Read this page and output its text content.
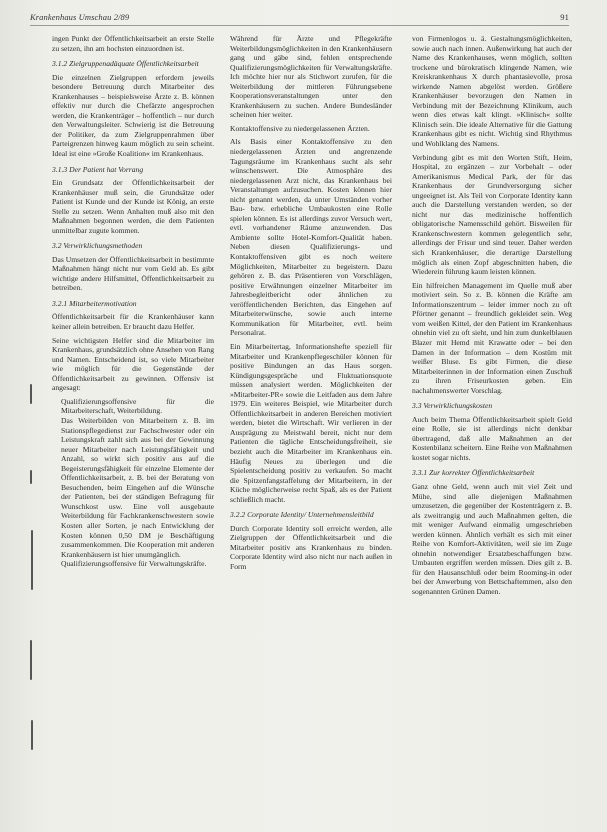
Krankenhaus Umschau 2/89	91

ingen Punkt der Öffentlichkeitsarbeit an erste Stelle zu setzen, ihn am hochsten einzuordnen ist.

3.1.2 Zielgruppenadäquate Öffentlichkeitsarbeit

Die einzelnen Zielgruppen erfordern jeweils besondere Betreuung durch Mitarbeiter des Krankenhauses – beispielsweise Ärzte z. B. können effektiv nur durch die Chefärzte angesprochen werden, die Krankenträger – hoffentlich – nur durch den Verwaltungsleiter. Schwierig ist die Betreuung der Politiker, da zum Zielgruppenrahmen über Parteigrenzen hinweg kaum möglich zu sein scheint. Ideal ist eine »Große Koalition« im Krankenhaus.

3.1.3 Der Patient hat Vorrang

Ein Grundsatz der Öffentlichkeitsarbeit der Krankenhäuser muß sein, die Grundsätze oder Patient ist Kunde und der Kunde ist König, an erste Stelle zu setzen. Wenn Anhalten muß also mit den Maßnahmen begonnen werden, die dem Patienten unmittelbar zugute kommen.

3.2 Verwirklichungsmethoden

Das Umsetzen der Öffentlichkeitsarbeit in bestimmte Maßnahmen hängt nicht nur vom Geld ab. Es gibt wichtige andere Hilfsmittel, Öffentlichkeitsarbeit zu betreiben.

3.2.1 Mitarbeitermotivation

Öffentlichkeitsarbeit für die Krankenhäuser kann keiner allein betreiben. Er braucht dazu Helfer.

Seine wichtigsten Helfer sind die Mitarbeiter im Krankenhaus, grundsätzlich ohne Ansehen von Rang und Namen. Entscheidend ist, so viele Mitarbeiter wie möglich für die Gegenstände der Öffentlichkeitsarbeit zu gewinnen. Offensiv ist angesagt:

• Qualifizierungsoffensive für die Mitarbeiterschaft, Weiterbildung.
• Das Weiterbilden von Mitarbeitern z. B. im Stationspflegedienst zur Fachschwester oder ein Leistungskraft zahlt sich aus bei der Gewinnung neuer Mitarbeiter nach Leistungsfähigkeit und Anzahl, so wirkt sich positiv aus auf die Begeisterungsfähigkeit für einzelne Elemente der Öffentlichkeitsarbeit, z. B. bei der Beratung von Besuchenden, beim Eingehen auf die Wünsche der Patienten, bei der ständigen Befragung für Wunschkost usw. Eine voll ausgebaute Weiterbildung für Fachkrankenschwestern sowie Kosten aller Sorten, je nach Entwicklung der Kosten können 0,50 DM je Beschäftigung zusammenkommen. Die Kooperation mit anderen Krankenhäusern ist hier unumgänglich.
• Qualifizierungsoffensive für Verwaltungskräfte.

Während für Ärzte und Pflegekräfte Weiterbildungsmöglichkeiten in den Krankenhäusern gang und gäbe sind, fehlen entsprechende Qualifizierungsmöglichkeiten für Verwaltungskräfte. Ich möchte hier nur als Stichwort zurufen, für die Weiterbildung der mittleren Führungsebene Kooperationsveranstaltungen unter den Krankenhäusern zu suchen. Andere Bundesländer scheinen hier weiter.

Kontaktoffensive zu niedergelassenen Ärzten.

Als Basis einer Kontaktoffensive zu den niedergelassenen Ärzten und angrenzende Tagungsräume im Krankenhaus sucht als sehr wünschenswert. Die Atmosphäre des niedergelassenen Arzt nicht, das Krankenhaus bei Veranstaltungen aufzusuchen. Kosten können hier nicht genannt werden, da unter Umständen vorher Bau- bzw. erhebliche Umbaukosten eine Rolle spielen können. Es ist allerdings zuvor Versuch wert, evtl. vorhandener Räume anzuwenden. Das Ambiente sollte Hotel-Komfort-Qualität haben. Neben diesen Qualifizierungs- und Kontaktoffensiven gibt es noch weitere Möglichkeiten, Mitarbeiter zu begeistern. Dazu gehören z. B. das Präsentieren von Vorschlägen, positive Erwähnungen einzelner Mitarbeiter im Jahresbegleitbericht oder ähnlichen zu veröffentlichenden Berichten, das Eingehen auf Mitarbeiterwünsche, sowie auch interne Kommunikation für Mitarbeiter, evtl. beim Personalrat.

Ein Mitarbeitertag, Informationshefte speziell für Mitarbeiter und Krankenpflegeschüler können für positive Bindungen an das Haus sorgen. Kündigungsgespräche und Fluktuationsquote müssen analysiert werden. Möglichkeiten der »Mitarbeiter-PR« sowie die Leitfaden aus dem Jahre 1979. Ein weiteres Beispiel, wie Mitarbeiter durch Öffentlichkeitsarbeit in anderen Bereichen motiviert werden, bietet die Wirtschaft. Wir verlieren in der Ausprägung zu Meistwahl bereit, nicht nur dem Patienten die tägliche Entscheidungsfreiheit, sie bezieht auch die Mitarbeiter im Krankenhaus ein. Häufig Neues zu überlegen und die Spielentscheidung positiv zu verkaufen. So macht die Spitzenfangstaffelung der Mitarbeitern, in der Küche möglicherweise recht Spaß, als es der Patient schließlich macht.

3.2.2 Corporate Identity/ Unternehmensleitbild

Durch Corporate Identity soll erreicht werden, alle Zielgruppen der Öffentlichkeitsarbeit und die Mitarbeiter positiv ans Krankenhaus zu binden. Corporate Identity wird also nicht nur nach außen in Form

von Firmenlogos u. ä. Gestaltungsmöglichkeiten, sowie auch nach innen. Außenwirkung hat auch der Name des Krankenhauses, wenn möglich, sollten trockene und bürokratisch klingende Namen, wie Kreiskrankenhaus X durch phantasievolle, prosa wirkende Namen abgelöst werden. Größere Krankenhäuser bevorzugen den Namen in Verbindung mit der Bezeichnung Klinikum, auch wenn dies etwas kalt klingt. »Klinisch« sollte Klinisch sein. Die ideale Alternative für die Gattung Krankenhaus gibt es nicht. Wichtig sind Rhythmus und Wohlklang des Namens.

Verbindung gibt es mit den Worten Stift, Heim, Hospital, zu ergänzen – zur Vorbehalt – oder Amerikanismus Medical Park, der für das Krankenhaus der Grundversorgung sicher ungeeignet ist. Als Teil von Corporate Identity kann auch die Darstellung verstanden werden, so der nicht nur das medizinische hoffentlich obligatorische Namensschild gehört. Bisweilen für Krankenschwestern kommen gelegentlich sehr, allerdings der Frisur und sind teuer. Daher werden sich Krankenhäuser, die derartige Darstellung möglich als einen Zopf abgeschnitten haben, die Wiederein führung kaum leisten können.

Ein hilfreichen Management im Quelle muß aber motiviert sein. So z. B. können die Kräfte am Informationszentrum – leider immer noch zu oft Pförtner genannt – freundlich gekleidet sein. Weg vom weißen Kittel, der den Patient im Krankenhaus ohnehin viel zu oft sieht, und hin zum dunkelblauen Blazer mit Hemd mit Krawatte oder – bei den Damen in der Information – dem Kostüm mit weißer Bluse. Es gibt Firmen, die diese Mitarbeiterinnen in der Information einen Zuschuß zu ihren Friseurkosten geben. Ein nachahmenswerter Vorschlag.

3.3 Verwirklichungskosten

Auch beim Thema Öffentlichkeitsarbeit spielt Geld eine Rolle, sie ist allerdings nicht denkbar übertragend, daß alle Maßnahmen an der Kostenbilanz scheitern. Eine Reihe von Maßnahmen kostet sogar nichts.

3.3.1 Zur korrekter Öffentlichkeitsarbeit

Ganz ohne Geld, wenn auch mit viel Zeit und Mühe, sind alle diejenigen Maßnahmen umzusetzen, die gegenüber der Kostenträgern z. B. als zweitrangig und auch Maßnahmen gelten, die mit weniger Aufwand einmalig umgeschrieben werden können. Ähnlich verhält es sich mit einer Reihe von Komfort-Aktivitäten, weil sie im Zuge ohnehin notwendiger Ersatzbeschaffungen bzw. Umbauten ergriffen werden müssen. Dies gilt z. B. für den Hausanschluß oder beim Rooming-in oder bei der Anwerbung von Bettschaftemmen, also den sogenannten Grünen Damen.
